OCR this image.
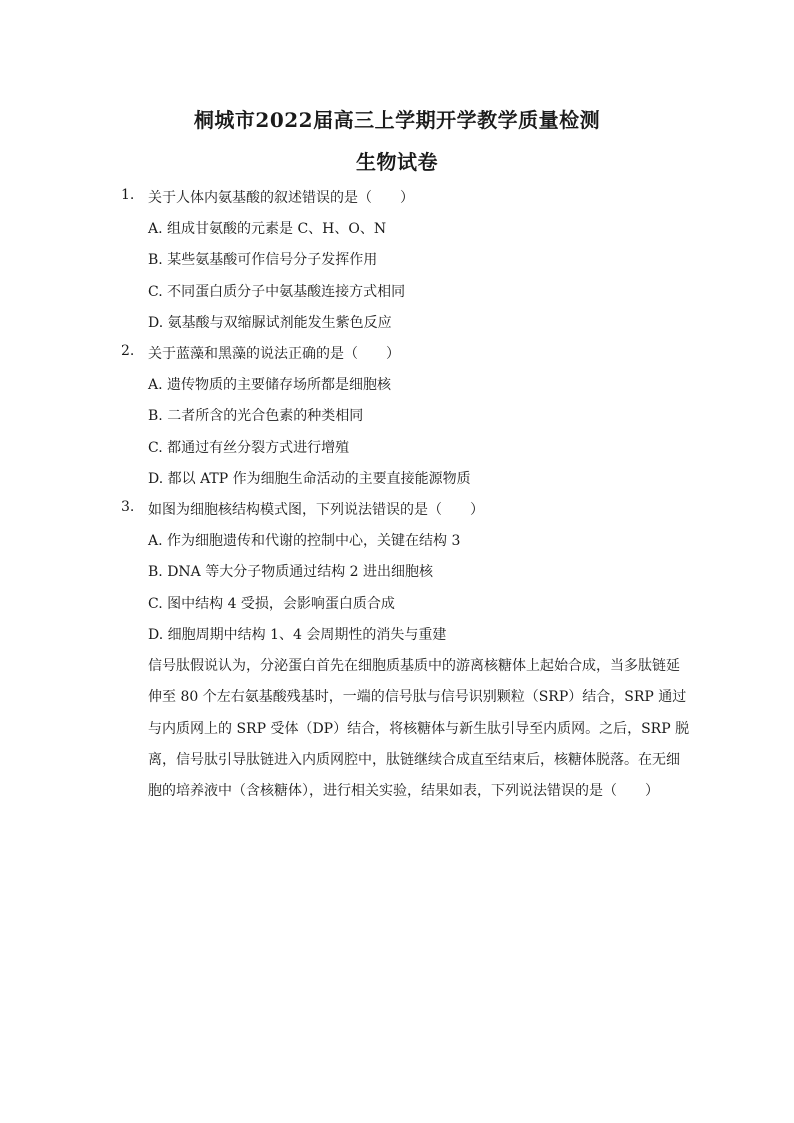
桐城市2022届高三上学期开学教学质量检测
生物试卷
1. 关于人体内氨基酸的叙述错误的是（　　）
A. 组成甘氨酸的元素是 C、H、O、N
B. 某些氨基酸可作信号分子发挥作用
C. 不同蛋白质分子中氨基酸连接方式相同
D. 氨基酸与双缩脲试剂能发生紫色反应
2. 关于蓝藻和黑藻的说法正确的是（　　）
A. 遗传物质的主要储存场所都是细胞核
B. 二者所含的光合色素的种类相同
C. 都通过有丝分裂方式进行增殖
D. 都以 ATP 作为细胞生命活动的主要直接能源物质
3. 如图为细胞核结构模式图，下列说法错误的是（　　）
A. 作为细胞遗传和代谢的控制中心，关键在结构 3
B. DNA 等大分子物质通过结构 2 进出细胞核
C. 图中结构 4 受损，会影响蛋白质合成
D. 细胞周期中结构 1、4 会周期性的消失与重建
信号肽假说认为，分泌蛋白首先在细胞质基质中的游离核糖体上起始合成，当多肽链延
伸至 80 个左右氨基酸残基时，一端的信号肽与信号识别颗粒（SRP）结合，SRP 通过
与内质网上的 SRP 受体（DP）结合，将核糖体与新生肽引导至内质网。之后，SRP 脱
离，信号肽引导肽链进入内质网腔中，肽链继续合成直至结束后，核糖体脱落。在无细
胞的培养液中（含核糖体），进行相关实验，结果如表，下列说法错误的是（　　）
